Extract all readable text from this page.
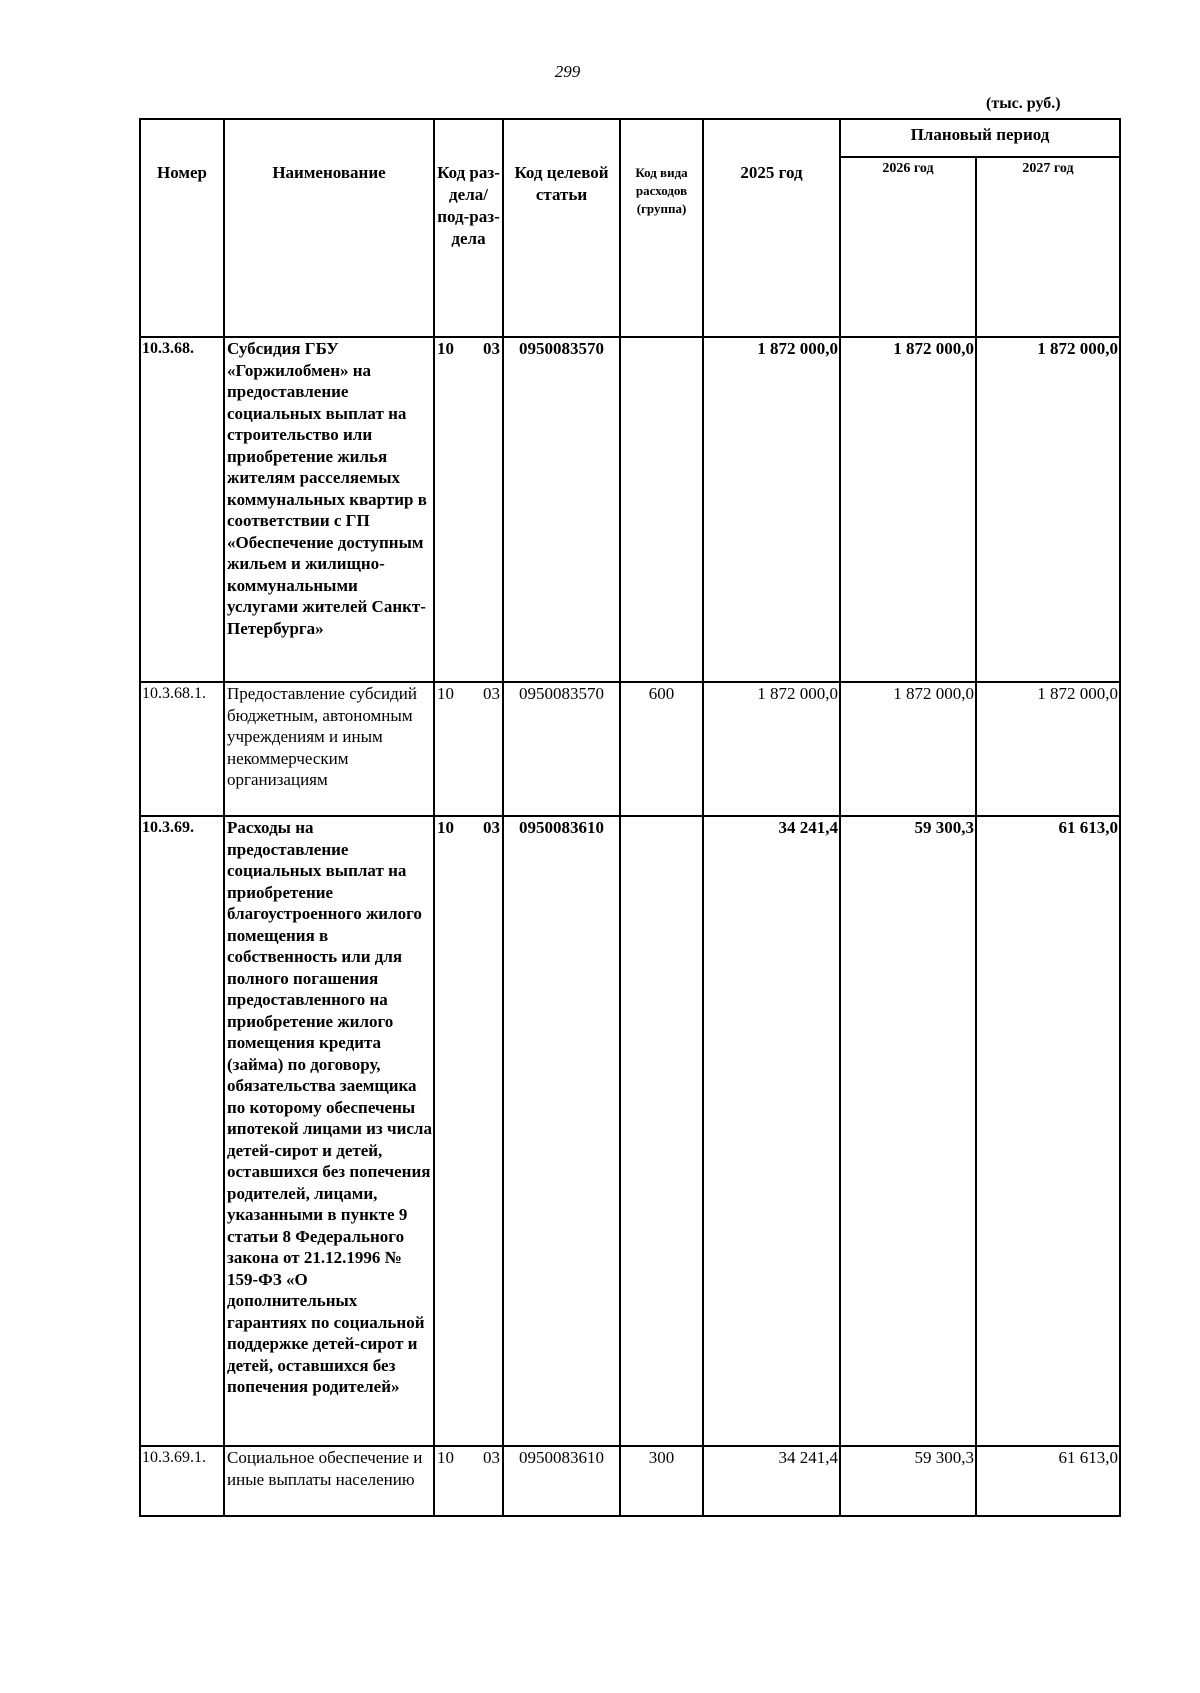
299
(тыс. руб.)
Номер	Наименование	Код раз-дела/ под-раз-дела	Код целевой статьи	Код вида расходов (группа)	2025 год	Плановый период	
						2026 год	2027 год
10.3.68.	Субсидия ГБУ «Горжилобмен» на предоставление социальных выплат на строительство или приобретение жилья жителям расселяемых коммунальных квартир в соответствии с ГП «Обеспечение доступным жильем и жилищно-коммунальными услугами жителей Санкт-Петербурга»	10 03	0950083570		1 872 000,0	1 872 000,0	1 872 000,0
10.3.68.1.	Предоставление субсидий бюджетным, автономным учреждениям и иным некоммерческим организациям	10 03	0950083570	600	1 872 000,0	1 872 000,0	1 872 000,0
10.3.69.	Расходы на предоставление социальных выплат на приобретение благоустроенного жилого помещения в собственность или для полного погашения предоставленного на приобретение жилого помещения кредита (займа) по договору, обязательства заемщика по которому обеспечены ипотекой лицами из числа детей-сирот и детей, оставшихся без попечения родителей, лицами, указанными в пункте 9 статьи 8 Федерального закона от 21.12.1996 № 159-ФЗ «О дополнительных гарантиях по социальной поддержке детей-сирот и детей, оставшихся без попечения родителей»	10 03	0950083610		34 241,4	59 300,3	61 613,0
10.3.69.1.	Социальное обеспечение и иные выплаты населению	10 03	0950083610	300	34 241,4	59 300,3	61 613,0
